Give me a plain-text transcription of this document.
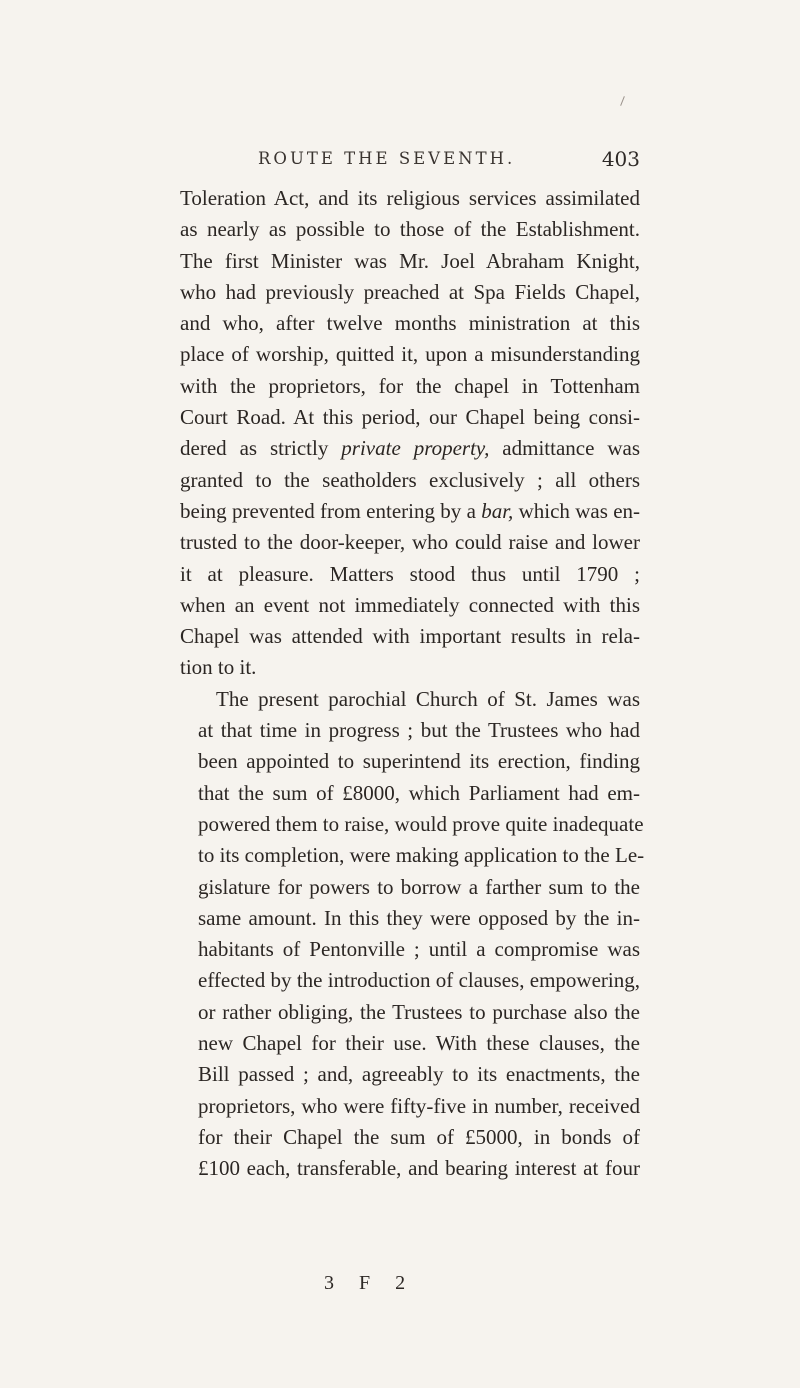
ROUTE THE SEVENTH.	403

Toleration Act, and its religious services assimilated
as nearly as possible to those of the Establishment.
The first Minister was Mr. Joel Abraham Knight,
who had previously preached at Spa Fields Chapel,
and who, after twelve months ministration at this
place of worship, quitted it, upon a misunderstanding
with the proprietors, for the chapel in Tottenham
Court Road. At this period, our Chapel being consi-
dered as strictly private property, admittance was
granted to the seatholders exclusively ; all others
being prevented from entering by a bar, which was en-
trusted to the door-keeper, who could raise and lower
it at pleasure. Matters stood thus until 1790 ;
when an event not immediately connected with this
Chapel was attended with important results in rela-
tion to it.

The present parochial Church of St. James was
at that time in progress ; but the Trustees who had
been appointed to superintend its erection, finding
that the sum of £8000, which Parliament had em-
powered them to raise, would prove quite inadequate
to its completion, were making application to the Le-
gislature for powers to borrow a farther sum to the
same amount. In this they were opposed by the in-
habitants of Pentonville ; until a compromise was
effected by the introduction of clauses, empowering,
or rather obliging, the Trustees to purchase also the
new Chapel for their use. With these clauses, the
Bill passed ; and, agreeably to its enactments, the
proprietors, who were fifty-five in number, received
for their Chapel the sum of £5000, in bonds of
£100 each, transferable, and bearing interest at four

3 F 2
